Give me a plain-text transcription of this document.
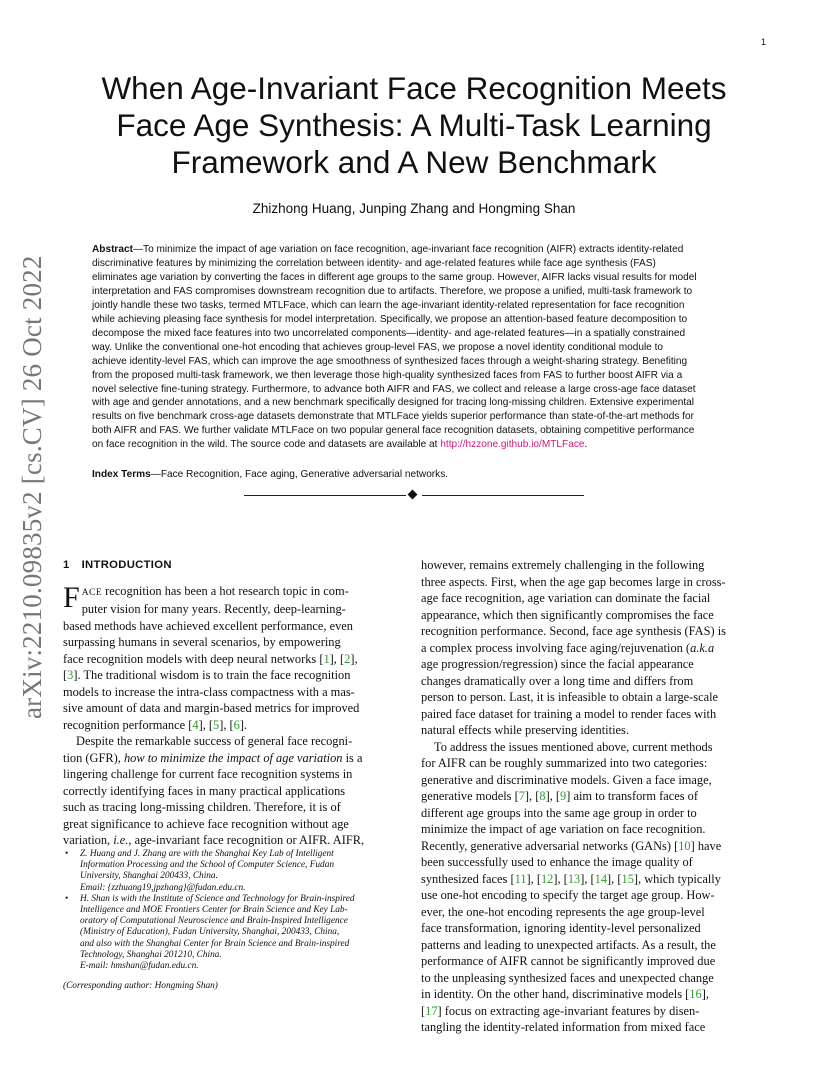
1
arXiv:2210.09835v2 [cs.CV] 26 Oct 2022
When Age-Invariant Face Recognition Meets
Face Age Synthesis: A Multi-Task Learning
Framework and A New Benchmark
Zhizhong Huang, Junping Zhang and Hongming Shan
Abstract—To minimize the impact of age variation on face recognition, age-invariant face recognition (AIFR) extracts identity-related
discriminative features by minimizing the correlation between identity- and age-related features while face age synthesis (FAS)
eliminates age variation by converting the faces in different age groups to the same group. However, AIFR lacks visual results for model
interpretation and FAS compromises downstream recognition due to artifacts. Therefore, we propose a unified, multi-task framework to
jointly handle these two tasks, termed MTLFace, which can learn the age-invariant identity-related representation for face recognition
while achieving pleasing face synthesis for model interpretation. Specifically, we propose an attention-based feature decomposition to
decompose the mixed face features into two uncorrelated components—identity- and age-related features—in a spatially constrained
way. Unlike the conventional one-hot encoding that achieves group-level FAS, we propose a novel identity conditional module to
achieve identity-level FAS, which can improve the age smoothness of synthesized faces through a weight-sharing strategy. Benefiting
from the proposed multi-task framework, we then leverage those high-quality synthesized faces from FAS to further boost AIFR via a
novel selective fine-tuning strategy. Furthermore, to advance both AIFR and FAS, we collect and release a large cross-age face dataset
with age and gender annotations, and a new benchmark specifically designed for tracing long-missing children. Extensive experimental
results on five benchmark cross-age datasets demonstrate that MTLFace yields superior performance than state-of-the-art methods for
both AIFR and FAS. We further validate MTLFace on two popular general face recognition datasets, obtaining competitive performance
on face recognition in the wild. The source code and datasets are available at http://hzzone.github.io/MTLFace.
Index Terms—Face Recognition, Face aging, Generative adversarial networks.
1 INTRODUCTION
FACE recognition has been a hot research topic in com-
puter vision for many years. Recently, deep-learning-
based methods have achieved excellent performance, even
surpassing humans in several scenarios, by empowering
face recognition models with deep neural networks [1], [2],
[3]. The traditional wisdom is to train the face recognition
models to increase the intra-class compactness with a mas-
sive amount of data and margin-based metrics for improved
recognition performance [4], [5], [6].
Despite the remarkable success of general face recogni-
tion (GFR), how to minimize the impact of age variation is a
lingering challenge for current face recognition systems in
correctly identifying faces in many practical applications
such as tracing long-missing children. Therefore, it is of
great significance to achieve face recognition without age
variation, i.e., age-invariant face recognition or AIFR. AIFR,
• Z. Huang and J. Zhang are with the Shanghai Key Lab of Intelligent
Information Processing and the School of Computer Science, Fudan
University, Shanghai 200433, China.
Email: {zzhuang19,jpzhang}@fudan.edu.cn.
• H. Shan is with the Institute of Science and Technology for Brain-inspired
Intelligence and MOE Frontiers Center for Brain Science and Key Lab-
oratory of Computational Neuroscience and Brain-Inspired Intelligence
(Ministry of Education), Fudan University, Shanghai, 200433, China,
and also with the Shanghai Center for Brain Science and Brain-inspired
Technology, Shanghai 201210, China.
E-mail: hmshan@fudan.edu.cn.
(Corresponding author: Hongming Shan)
however, remains extremely challenging in the following
three aspects. First, when the age gap becomes large in cross-
age face recognition, age variation can dominate the facial
appearance, which then significantly compromises the face
recognition performance. Second, face age synthesis (FAS) is
a complex process involving face aging/rejuvenation (a.k.a
age progression/regression) since the facial appearance
changes dramatically over a long time and differs from
person to person. Last, it is infeasible to obtain a large-scale
paired face dataset for training a model to render faces with
natural effects while preserving identities.
To address the issues mentioned above, current methods
for AIFR can be roughly summarized into two categories:
generative and discriminative models. Given a face image,
generative models [7], [8], [9] aim to transform faces of
different age groups into the same age group in order to
minimize the impact of age variation on face recognition.
Recently, generative adversarial networks (GANs) [10] have
been successfully used to enhance the image quality of
synthesized faces [11], [12], [13], [14], [15], which typically
use one-hot encoding to specify the target age group. How-
ever, the one-hot encoding represents the age group-level
face transformation, ignoring identity-level personalized
patterns and leading to unexpected artifacts. As a result, the
performance of AIFR cannot be significantly improved due
to the unpleasing synthesized faces and unexpected change
in identity. On the other hand, discriminative models [16],
[17] focus on extracting age-invariant features by disen-
tangling the identity-related information from mixed face
